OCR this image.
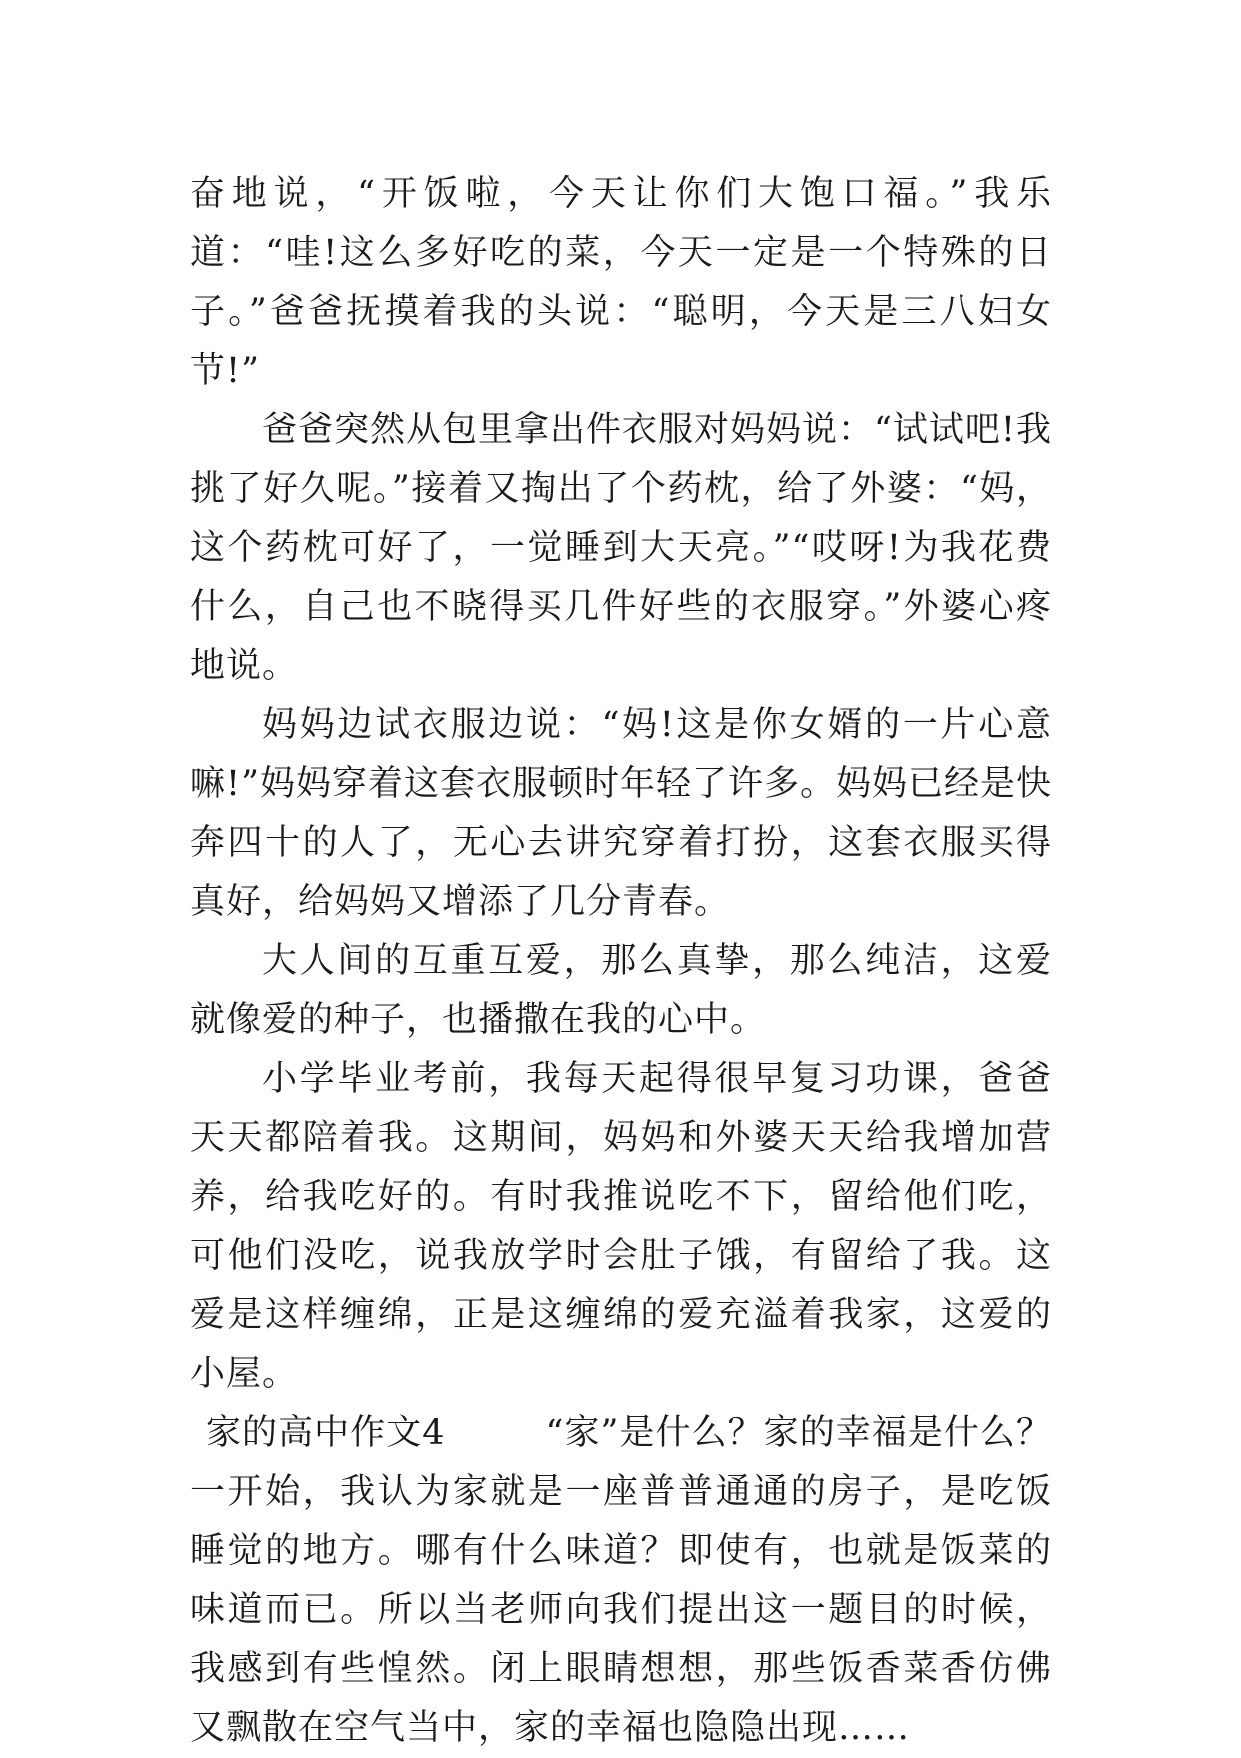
奋地说，“开饭啦，今天让你们大饱口福。”我乐道：“哇!这么多好吃的菜，今天一定是一个特殊的日子。”爸爸抚摸着我的头说：“聪明，今天是三八妇女节!”

爸爸突然从包里拿出件衣服对妈妈说：“试试吧!我挑了好久呢。”接着又掏出了个药枕，给了外婆：“妈，这个药枕可好了，一觉睡到大天亮。”“哎呀!为我花费什么，自己也不晓得买几件好些的衣服穿。”外婆心疼地说。

妈妈边试衣服边说：“妈!这是你女婿的一片心意嘛!”妈妈穿着这套衣服顿时年轻了许多。妈妈已经是快奔四十的人了，无心去讲究穿着打扮，这套衣服买得真好，给妈妈又增添了几分青春。

大人间的互重互爱，那么真挚，那么纯洁，这爱就像爱的种子，也播撒在我的心中。

小学毕业考前，我每天起得很早复习功课，爸爸天天都陪着我。这期间，妈妈和外婆天天给我增加营养，给我吃好的。有时我推说吃不下，留给他们吃，可他们没吃，说我放学时会肚子饿，有留给了我。这爱是这样缠绵，正是这缠绵的爱充溢着我家，这爱的小屋。

家的高中作文4	“家”是什么？家的幸福是什么？一开始，我认为家就是一座普普通通的房子，是吃饭睡觉的地方。哪有什么味道？即使有，也就是饭菜的味道而已。所以当老师向我们提出这一题目的时候，我感到有些惶然。闭上眼睛想想，那些饭香菜香仿佛又飘散在空气当中，家的幸福也隐隐出现……
